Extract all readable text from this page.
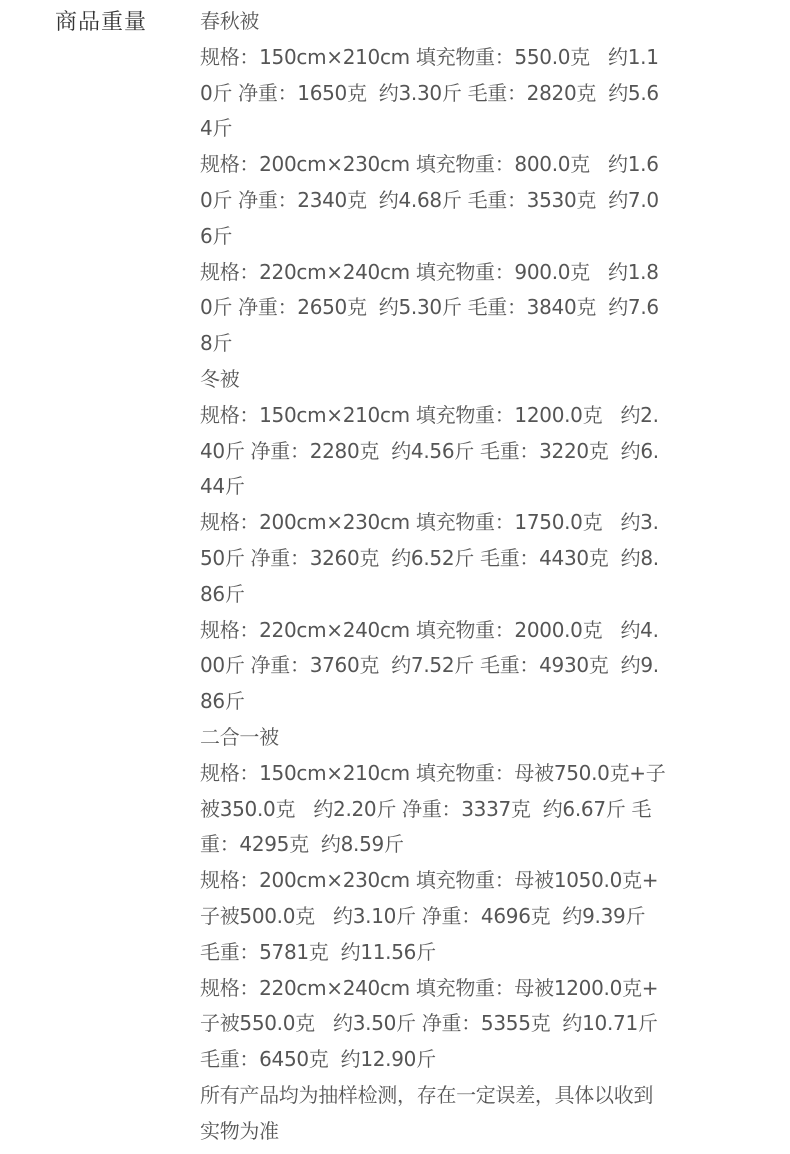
商品重量	春秋被
规格：150cm×210cm 填充物重：550.0克   约1.1
0斤 净重：1650克  约3.30斤 毛重：2820克  约5.6
4斤
规格：200cm×230cm 填充物重：800.0克   约1.6
0斤 净重：2340克  约4.68斤 毛重：3530克  约7.0
6斤
规格：220cm×240cm 填充物重：900.0克   约1.8
0斤 净重：2650克  约5.30斤 毛重：3840克  约7.6
8斤
冬被
规格：150cm×210cm 填充物重：1200.0克   约2.
40斤 净重：2280克  约4.56斤 毛重：3220克  约6.
44斤
规格：200cm×230cm 填充物重：1750.0克   约3.
50斤 净重：3260克  约6.52斤 毛重：4430克  约8.
86斤
规格：220cm×240cm 填充物重：2000.0克   约4.
00斤 净重：3760克  约7.52斤 毛重：4930克  约9.
86斤
二合一被
规格：150cm×210cm 填充物重：母被750.0克+子
被350.0克   约2.20斤 净重：3337克  约6.67斤 毛
重：4295克  约8.59斤
规格：200cm×230cm 填充物重：母被1050.0克+
子被500.0克   约3.10斤 净重：4696克  约9.39斤
毛重：5781克  约11.56斤
规格：220cm×240cm 填充物重：母被1200.0克+
子被550.0克   约3.50斤 净重：5355克  约10.71斤
毛重：6450克  约12.90斤
所有产品均为抽样检测，存在一定误差，具体以收到
实物为准
